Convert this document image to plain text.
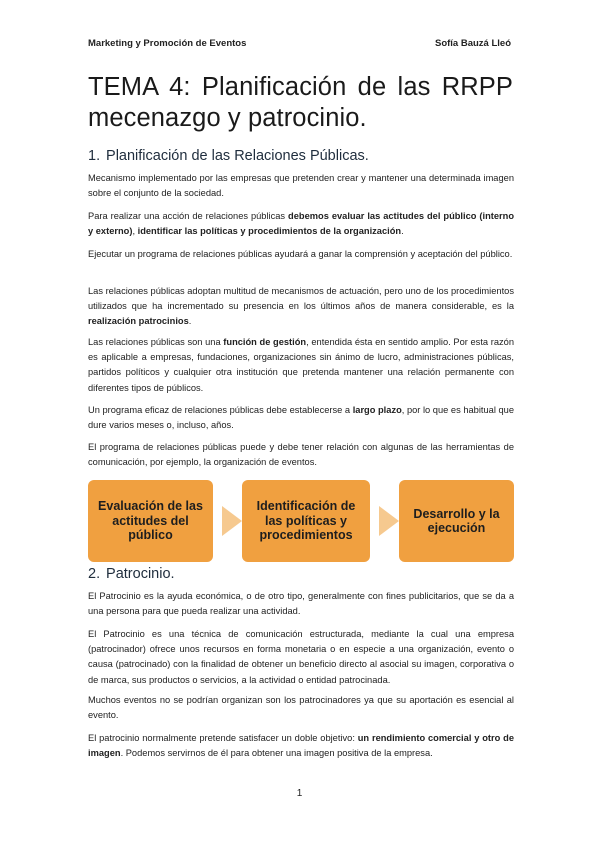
Marketing y Promoción de Eventos	Sofía Bauzá Lleó
TEMA 4: Planificación de las RRPP mecenazgo y patrocinio.
1. Planificación de las Relaciones Públicas.

Mecanismo implementado por las empresas que pretenden crear y mantener una determinada imagen sobre el conjunto de la sociedad.

Para realizar una acción de relaciones públicas debemos evaluar las actitudes del público (interno y externo), identificar las políticas y procedimientos de la organización.

Ejecutar un programa de relaciones públicas ayudará a ganar la comprensión y aceptación del público.

Las relaciones públicas adoptan multitud de mecanismos de actuación, pero uno de los procedimientos utilizados que ha incrementado su presencia en los últimos años de manera considerable, es la realización patrocinios.

Las relaciones públicas son una función de gestión, entendida ésta en sentido amplio. Por esta razón es aplicable a empresas, fundaciones, organizaciones sin ánimo de lucro, administraciones públicas, partidos políticos y cualquier otra institución que pretenda mantener una relación permanente con diferentes tipos de públicos.

Un programa eficaz de relaciones públicas debe establecerse a largo plazo, por lo que es habitual que dure varios meses o, incluso, años.

El programa de relaciones públicas puede y debe tener relación con algunas de las herramientas de comunicación, por ejemplo, la organización de eventos.

Evaluación de las actitudes del público
Identificación de las políticas y procedimientos
Desarrollo y la ejecución
2. Patrocinio.

El Patrocinio es la ayuda económica, o de otro tipo, generalmente con fines publicitarios, que se da a una persona para que pueda realizar una actividad.

El Patrocinio es una técnica de comunicación estructurada, mediante la cual una empresa (patrocinador) ofrece unos recursos en forma monetaria o en especie a una organización, evento o causa (patrocinado) con la finalidad de obtener un beneficio directo al asocial su imagen, corporativa o de marca, sus productos o servicios, a la actividad o entidad patrocinada.

Muchos eventos no se podrían organizan son los patrocinadores ya que su aportación es esencial al evento.

El patrocinio normalmente pretende satisfacer un doble objetivo: un rendimiento comercial y otro de imagen. Podemos servirnos de él para obtener una imagen positiva de la empresa.

1
